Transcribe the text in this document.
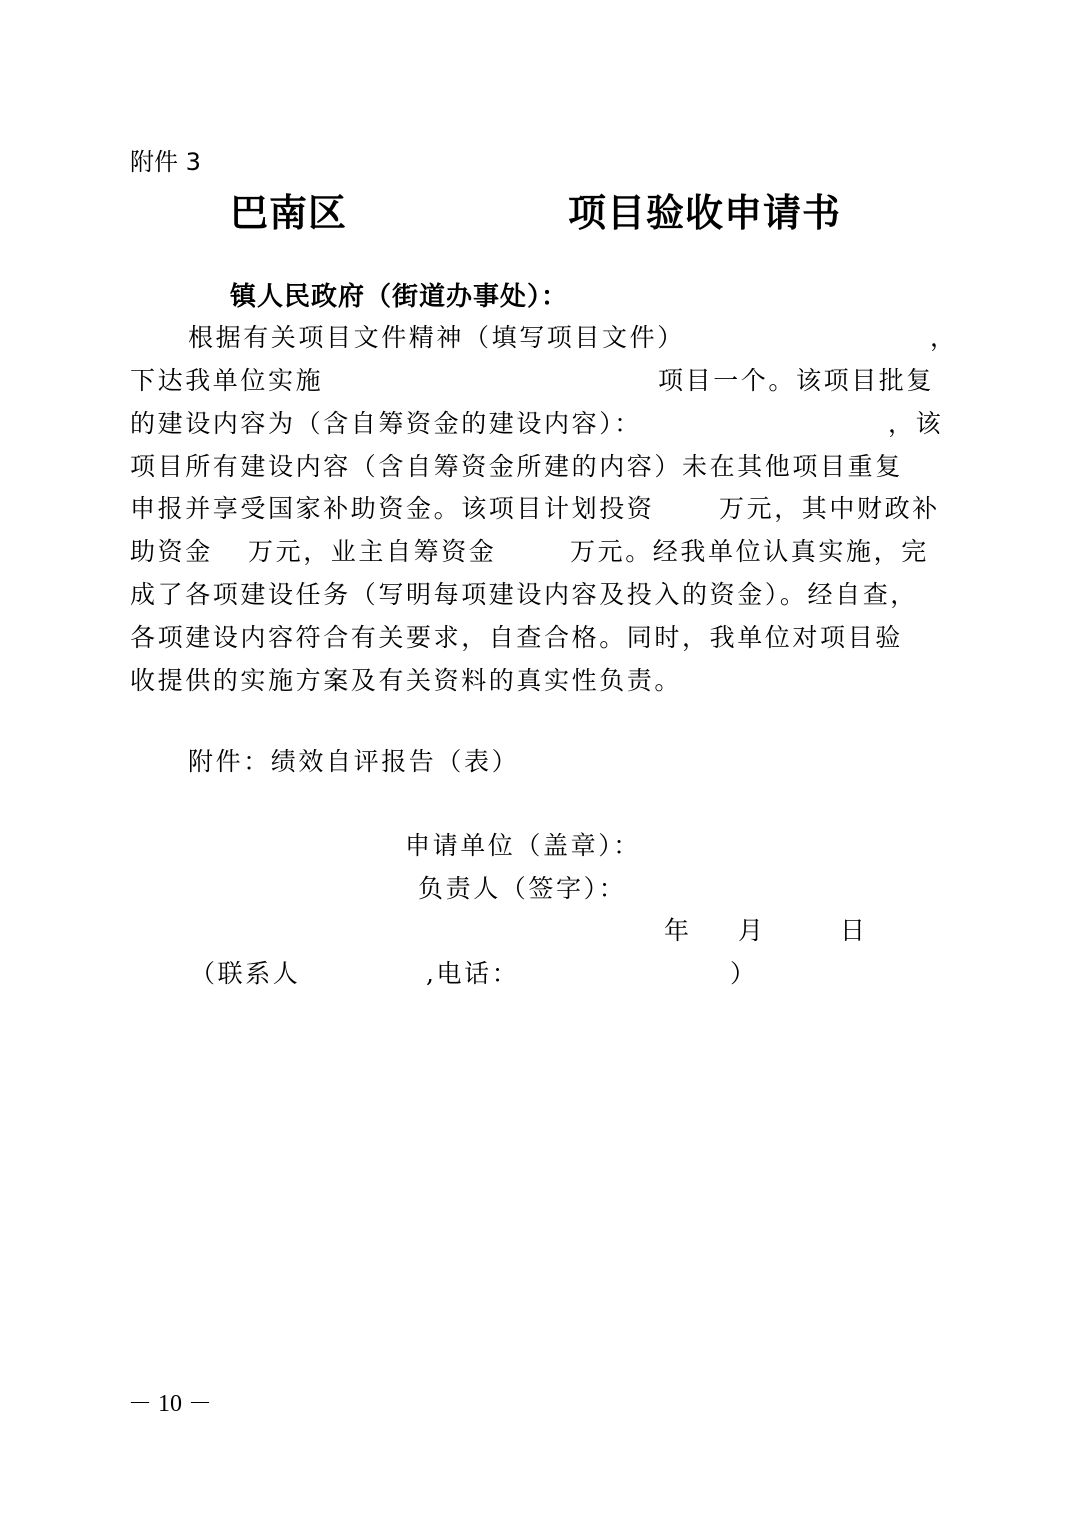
附件 3
巴南区	项目验收申请书
镇人民政府（街道办事处）：
根据有关项目文件精神（填写项目文件）	，
下达我单位实施	项目一个。该项目批复
的建设内容为（含自筹资金的建设内容）：	，该
项目所有建设内容（含自筹资金所建的内容）未在其他项目重复
申报并享受国家补助资金。该项目计划投资	万元，其中财政补
助资金 万元，业主自筹资金	万元。经我单位认真实施，完
成了各项建设任务（写明每项建设内容及投入的资金）。经自查，
各项建设内容符合有关要求，自查合格。同时，我单位对项目验
收提供的实施方案及有关资料的真实性负责。
附件：绩效自评报告（表）
申请单位（盖章）：
负责人（签字）：
年 月	日
（联系人	,电话：	）
－ 10 －
